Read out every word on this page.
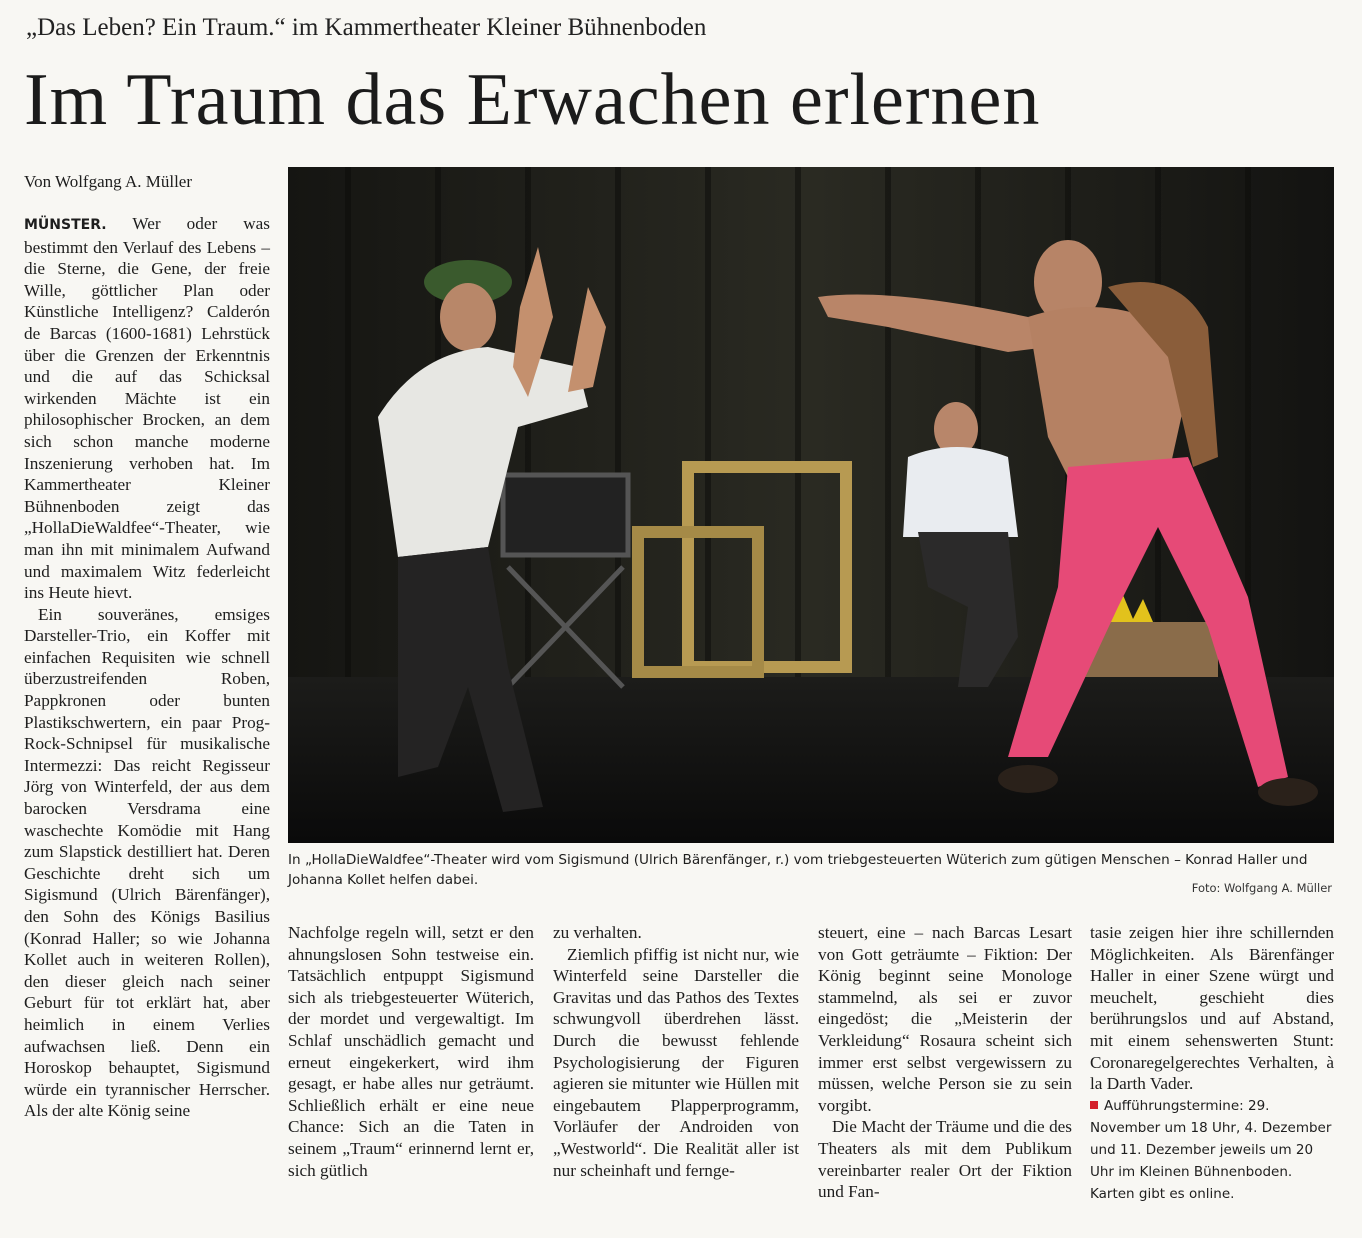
„Das Leben? Ein Traum.“ im Kammertheater Kleiner Bühnenboden
Im Traum das Erwachen erlernen
Von Wolfgang A. Müller

MÜNSTER. Wer oder was bestimmt den Verlauf des Lebens – die Sterne, die Gene, der freie Wille, göttlicher Plan oder Künstliche Intelligenz? Calderón de Barcas (1600-1681) Lehrstück über die Grenzen der Erkenntnis und die auf das Schicksal wirkenden Mächte ist ein philosophischer Brocken, an dem sich schon manche moderne Inszenierung verhoben hat. Im Kammertheater Kleiner Bühnenboden zeigt das „HollaDieWaldfee“-Theater, wie man ihn mit minimalem Aufwand und maximalem Witz federleicht ins Heute hievt.

Ein souveränes, emsiges Darsteller-Trio, ein Koffer mit einfachen Requisiten wie schnell überzustreifenden Roben, Pappkronen oder bunten Plastikschwertern, ein paar Prog-Rock-Schnipsel für musikalische Intermezzi: Das reicht Regisseur Jörg von Winterfeld, der aus dem barocken Versdrama eine waschechte Komödie mit Hang zum Slapstick destilliert hat. Deren Geschichte dreht sich um Sigismund (Ulrich Bärenfänger), den Sohn des Königs Basilius (Konrad Haller; so wie Johanna Kollet auch in weiteren Rollen), den dieser gleich nach seiner Geburt für tot erklärt hat, aber heimlich in einem Verlies aufwachsen ließ. Denn ein Horoskop behauptet, Sigismund würde ein tyrannischer Herrscher. Als der alte König seine

In „HollaDieWaldfee“-Theater wird vom Sigismund (Ulrich Bärenfänger, r.) vom triebgesteuerten Wüterich zum gütigen Menschen – Konrad Haller und Johanna Kollet helfen dabei.	Foto: Wolfgang A. Müller

Nachfolge regeln will, setzt er den ahnungslosen Sohn testweise ein. Tatsächlich entpuppt Sigismund sich als triebgesteuerter Wüterich, der mordet und vergewaltigt. Im Schlaf unschädlich gemacht und erneut eingekerkert, wird ihm gesagt, er habe alles nur geträumt. Schließlich erhält er eine neue Chance: Sich an die Taten in seinem „Traum“ erinnernd lernt er, sich gütlich

zu verhalten.

Ziemlich pfiffig ist nicht nur, wie Winterfeld seine Darsteller die Gravitas und das Pathos des Textes schwungvoll überdrehen lässt. Durch die bewusst fehlende Psychologisierung der Figuren agieren sie mitunter wie Hüllen mit eingebautem Plapperprogramm, Vorläufer der Androiden von „Westworld“. Die Realität aller ist nur scheinhaft und fernge-

steuert, eine – nach Barcas Lesart von Gott geträumte – Fiktion: Der König beginnt seine Monologe stammelnd, als sei er zuvor eingedöst; die „Meisterin der Verkleidung“ Rosaura scheint sich immer erst selbst vergewissern zu müssen, welche Person sie zu sein vorgibt.

Die Macht der Träume und die des Theaters als mit dem Publikum vereinbarter realer Ort der Fiktion und Fan-

tasie zeigen hier ihre schillernden Möglichkeiten. Als Bärenfänger Haller in einer Szene würgt und meuchelt, geschieht dies berührungslos und auf Abstand, mit einem sehenswerten Stunt: Coronaregelgerechtes Verhalten, à la Darth Vader.

Aufführungstermine: 29. November um 18 Uhr, 4. Dezember und 11. Dezember jeweils um 20 Uhr im Kleinen Bühnenboden. Karten gibt es online.
